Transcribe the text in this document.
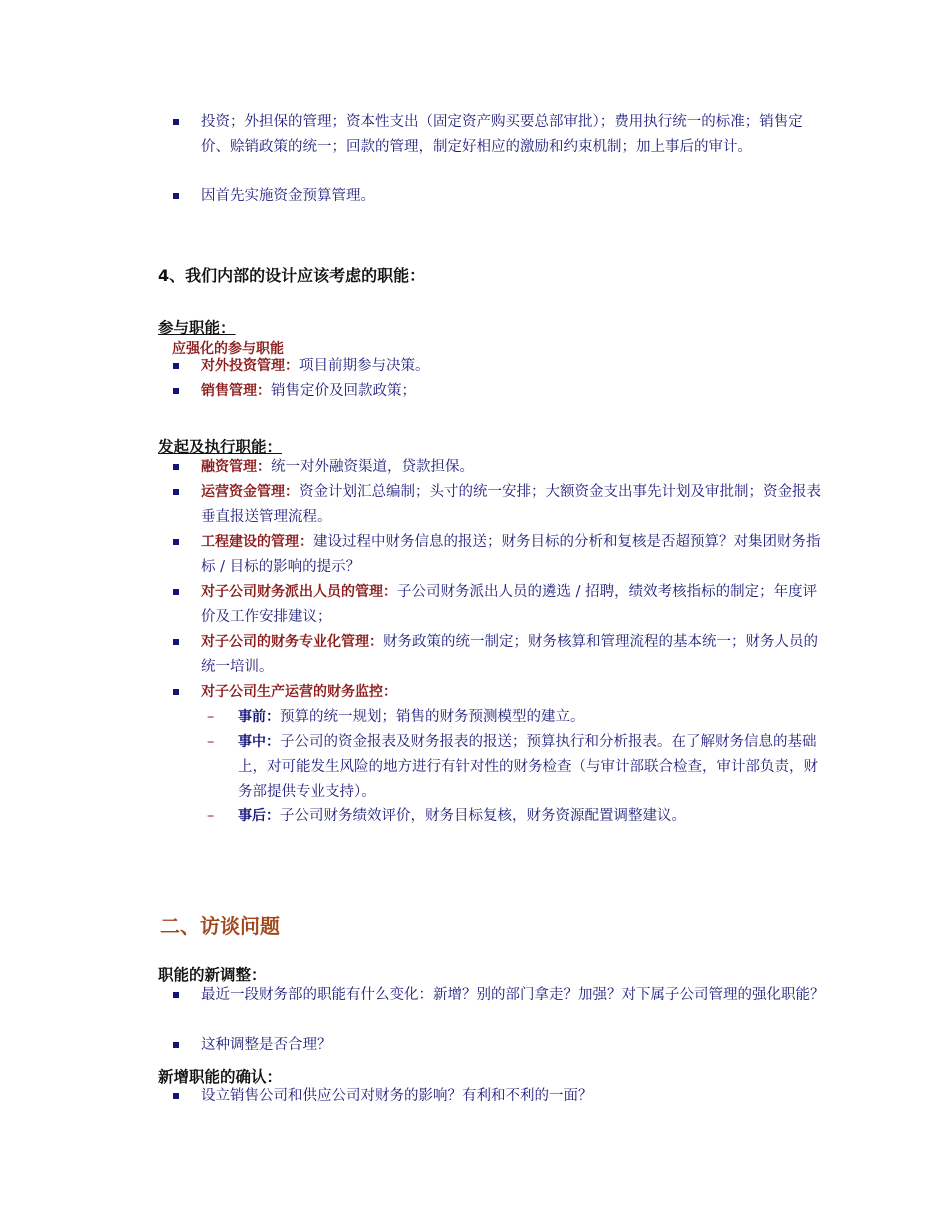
投资；外担保的管理；资本性支出（固定资产购买要总部审批）；费用执行统一的标准；销售定价、赊销政策的统一；回款的管理，制定好相应的激励和约束机制；加上事后的审计。
因首先实施资金预算管理。
4、我们内部的设计应该考虑的职能：
参与职能：
应强化的参与职能
对外投资管理：项目前期参与决策。
销售管理：销售定价及回款政策；
发起及执行职能：
融资管理：统一对外融资渠道，贷款担保。
运营资金管理：资金计划汇总编制；头寸的统一安排；大额资金支出事先计划及审批制；资金报表垂直报送管理流程。
工程建设的管理：建设过程中财务信息的报送；财务目标的分析和复核是否超预算？对集团财务指标 / 目标的影响的提示？
对子公司财务派出人员的管理：子公司财务派出人员的遴选 / 招聘，绩效考核指标的制定；年度评价及工作安排建议；
对子公司的财务专业化管理：财务政策的统一制定；财务核算和管理流程的基本统一；财务人员的统一培训。
对子公司生产运营的财务监控：
– 事前：预算的统一规划；销售的财务预测模型的建立。
– 事中：子公司的资金报表及财务报表的报送；预算执行和分析报表。在了解财务信息的基础上，对可能发生风险的地方进行有针对性的财务检查（与审计部联合检查，审计部负责，财务部提供专业支持）。
– 事后：子公司财务绩效评价，财务目标复核，财务资源配置调整建议。
二、访谈问题
职能的新调整：
最近一段财务部的职能有什么变化：新增？别的部门拿走？加强？对下属子公司管理的强化职能？
这种调整是否合理？
新增职能的确认：
设立销售公司和供应公司对财务的影响？有利和不利的一面？
